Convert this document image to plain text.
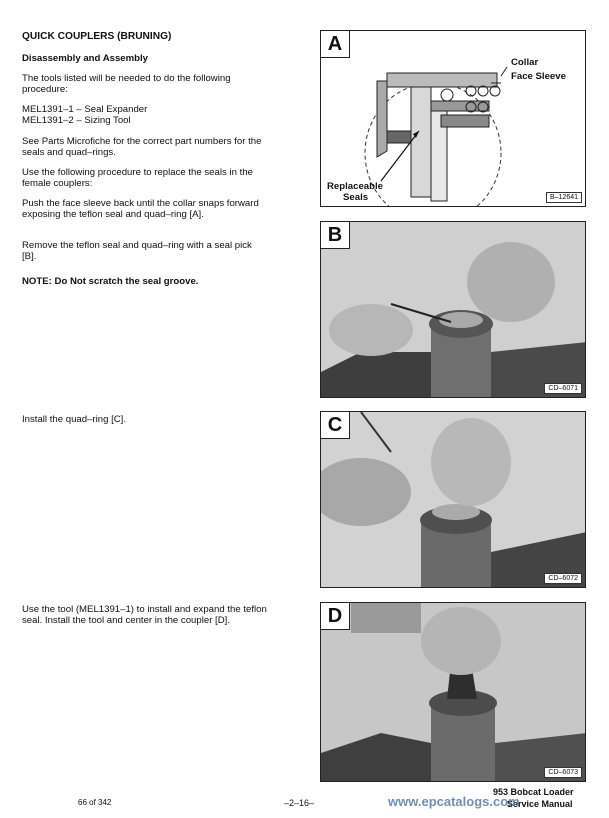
QUICK COUPLERS (BRUNING)
Disassembly and Assembly
The tools listed will be needed to do the following
procedure:
MEL1391–1 – Seal Expander
MEL1391–2 – Sizing Tool
See Parts Microfiche for the correct part numbers for the
seals and quad–rings.
Use the following procedure to replace the seals in the
female couplers:
Push the face sleeve back until the collar snaps forward
exposing the teflon seal and quad–ring [A].
Remove the teflon seal and quad–ring with a seal pick
[B].
NOTE: Do Not scratch the seal groove.
Install the quad–ring [C].
Use the tool (MEL1391–1) to install and expand the teflon
seal. Install the tool and center in the coupler [D].
A
Collar
Face Sleeve
Replaceable
Seals	B–12641
B
CD–6071
C
CD–6072
D
CD–6073
66 of 342	–2–16–
953 Bobcat Loader
Service Manual
www.epcatalogs.com
